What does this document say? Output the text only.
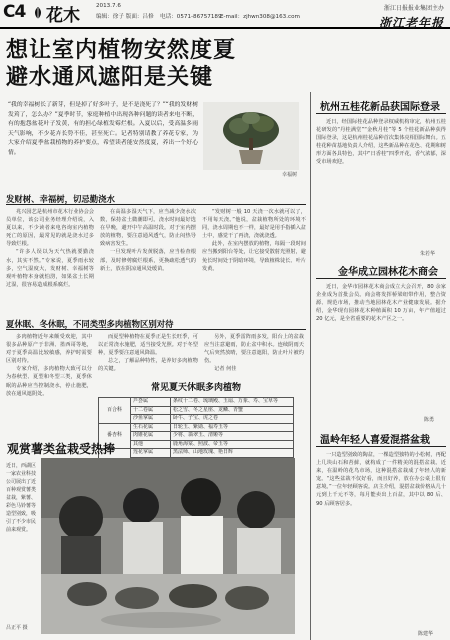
C4 花木	2013.7.6
编辑：徐子 版面：吕修 电话：0571-86757189
E-mail：zjhwn308@163.com
浙江日报报业集团主办
浙江老年报
想让室内植物安然度夏
避水通风遮阳是关键
“我的幸福树长了新芽，但是掉了好多叶子，是不是浇死了？”“我的发财树发蔫了，怎么办？”夏季时节，家庭种植中出现各种问题的读者来电不断，有的抱怨盆花叶子发黄，有的担心绿植发霉烂根。入夏以后，受高温多雨天气影响，不少花卉长势不佳，甚至死亡。记者特别请教了养花专家，为大家介绍夏季盆栽植物的养护要点，希望读者能安然度夏，养出一个好心情。
幸福树
发财树、幸福树，切忌勤浇水

兆兴园艺是杭州市花木行业协会会员单位，该公司业务经理介绍说，入夏以来，不少读者来电咨询室内植物死亡的原因，最常见的就是浇水过多导致烂根。

“许多人误以为天气热就要勤浇水，其实不然。”专家说，夏季雨水较多，空气湿度大，发财树、幸福树等观叶植物本身就怕涝，如果盆土长期过湿，很容易造成根系腐烂。

在高温多湿天气下，应当减少浇水次数，保持盆土微潮即可。浇水时间最好选在早晚，避开中午高温时段。对于室内摆放的植物，要注意通风透气，防止闷热导致病害发生。

一旦发现叶片发黄脱落，应当检查根部，及时修剪腐烂根系，更换疏松透气的新土，放在阴凉通风处缓苗。

“发财树一般 10 天浇一次水就可以了，不用每天浇。”他说，盆栽植物所处的环境不同，浇水周期也不一样，最好是用手指插入盆土中，感觉干了再浇，浇就浇透。

此外，在室内摆放的植物，每隔一段时间应当搬到阳台等处，让它接受散射光照射，避免长时间处于阴暗环境，导致植株徒长、叶片发黄。

夏休眠、冬休眠，不同类型多肉植物区别对待

多肉植物近年来颇受欢迎，其中很多品种原产于非洲、墨西哥等地，对于夏季高温比较敏感，养护时需要区别对待。

专家介绍，多肉植物大致可以分为春秋型、夏型和冬型三类，夏季休眠的品种应当控制浇水，停止施肥，放在通风遮阴处。

而夏型种植物在夏季正是生长旺季，可以正常浇水施肥，适当接受光照。对于冬型种，夏季要注意通风降温。

总之，了解品种特性，是养好多肉植物的关键。

另外，夏季雷阵雨多发，阳台上的盆栽应当注意避雨，防止盆中积水。连续阴雨天气后突然放晴，要注意遮阳，防止叶片被灼伤。

记者 何佳

常见夏天休眠多肉植物		
百合科	芦荟属	条纹十二卷、琉璃殿、玉扇、万象、寿、宝草等
	十二卷属	松之雪、冬之星座、龙鳞、青蟹
	沙鱼掌属	卧牛、子宝、虎之卷
番杏科	生石花属	日轮玉、紫勋、福寿玉等
	肉锥花属	少将、翡翠玉、清姬等
	其他	鹿角海棠、照波、帝玉等
	莲花掌属	黑法师、山地玫瑰、艳日辉

观赏薯类盆栽受热捧
近日，西湖区一家农业科技公司展出了近百种观赏薯类盆栽，紫薯、彩色马铃薯等造型别致，吸引了不少市民前来观赏。
吕正平 摄
杭州五桂花新品获国际登录

近日，经国际桂花品种登录权威机构审定，杭州五桂花研发的“丹桂满堂”“金秋月桂”等 5 个桂花新品种获得国际登录，这是杭州桂花品种首次集体亮相国际舞台。五桂花种苗基地负责人介绍，这些新品种在花色、花期和树形方面各具特色，其中“日香桂”四季开花，香气浓郁，深受市场欢迎。

朱若华
金华成立园林花木商会

近日，金华市园林花木商会成立大会召开，80 余家企业成为首批会员。商会将发挥桥梁纽带作用，整合资源、规范市场，推动当地园林花木产业健康发展。据介绍，金华现有园林花木种植面积 10 万亩，年产值超过 20 亿元，是全省重要的花木产区之一。

陈勇
温岭年轻人喜爱混搭盆栽

一只造型别致的陶盆，一棵造型独特的小松树，再配上几块山石和苔藓，就构成了一件精美的混搭盆栽。近来，在温岭的花鸟市场，这种混搭盆栽成了年轻人的新宠。“这些盆栽不仅好看，而且好养，放在办公桌上很有意境。”一位年轻顾客说。店主介绍，混搭盆栽价格从几十元到上千元不等，每月能卖出上百盆，其中以 80 后、90 后顾客居多。

陈建华
